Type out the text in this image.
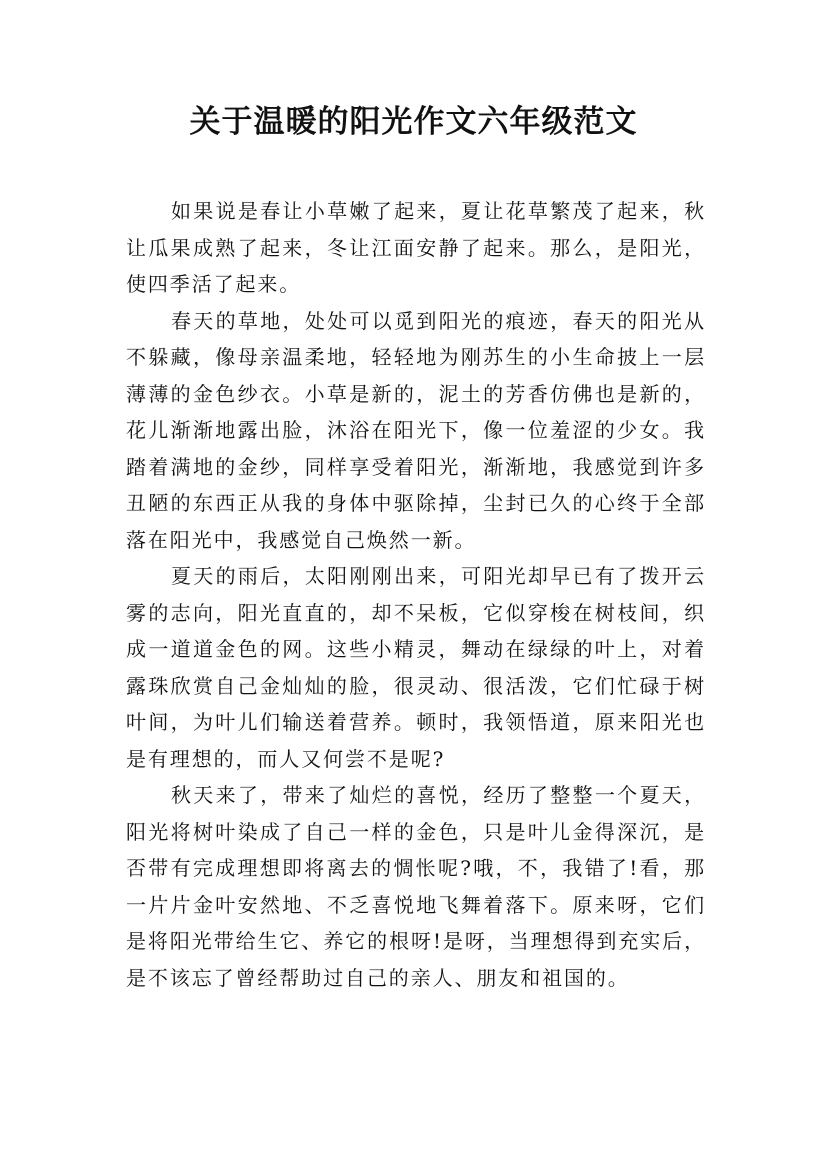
关于温暖的阳光作文六年级范文

如果说是春让小草嫩了起来，夏让花草繁茂了起来，秋让瓜果成熟了起来，冬让江面安静了起来。那么，是阳光，使四季活了起来。

春天的草地，处处可以觅到阳光的痕迹，春天的阳光从不躲藏，像母亲温柔地，轻轻地为刚苏生的小生命披上一层薄薄的金色纱衣。小草是新的，泥土的芳香仿佛也是新的，花儿渐渐地露出脸，沐浴在阳光下，像一位羞涩的少女。我踏着满地的金纱，同样享受着阳光，渐渐地，我感觉到许多丑陋的东西正从我的身体中驱除掉，尘封已久的心终于全部落在阳光中，我感觉自己焕然一新。

夏天的雨后，太阳刚刚出来，可阳光却早已有了拨开云雾的志向，阳光直直的，却不呆板，它似穿梭在树枝间，织成一道道金色的网。这些小精灵，舞动在绿绿的叶上，对着露珠欣赏自己金灿灿的脸，很灵动、很活泼，它们忙碌于树叶间，为叶儿们输送着营养。顿时，我领悟道，原来阳光也是有理想的，而人又何尝不是呢?

秋天来了，带来了灿烂的喜悦，经历了整整一个夏天，阳光将树叶染成了自己一样的金色，只是叶儿金得深沉，是否带有完成理想即将离去的惆怅呢?哦，不，我错了!看，那一片片金叶安然地、不乏喜悦地飞舞着落下。原来呀，它们是将阳光带给生它、养它的根呀!是呀，当理想得到充实后，是不该忘了曾经帮助过自己的亲人、朋友和祖国的。
